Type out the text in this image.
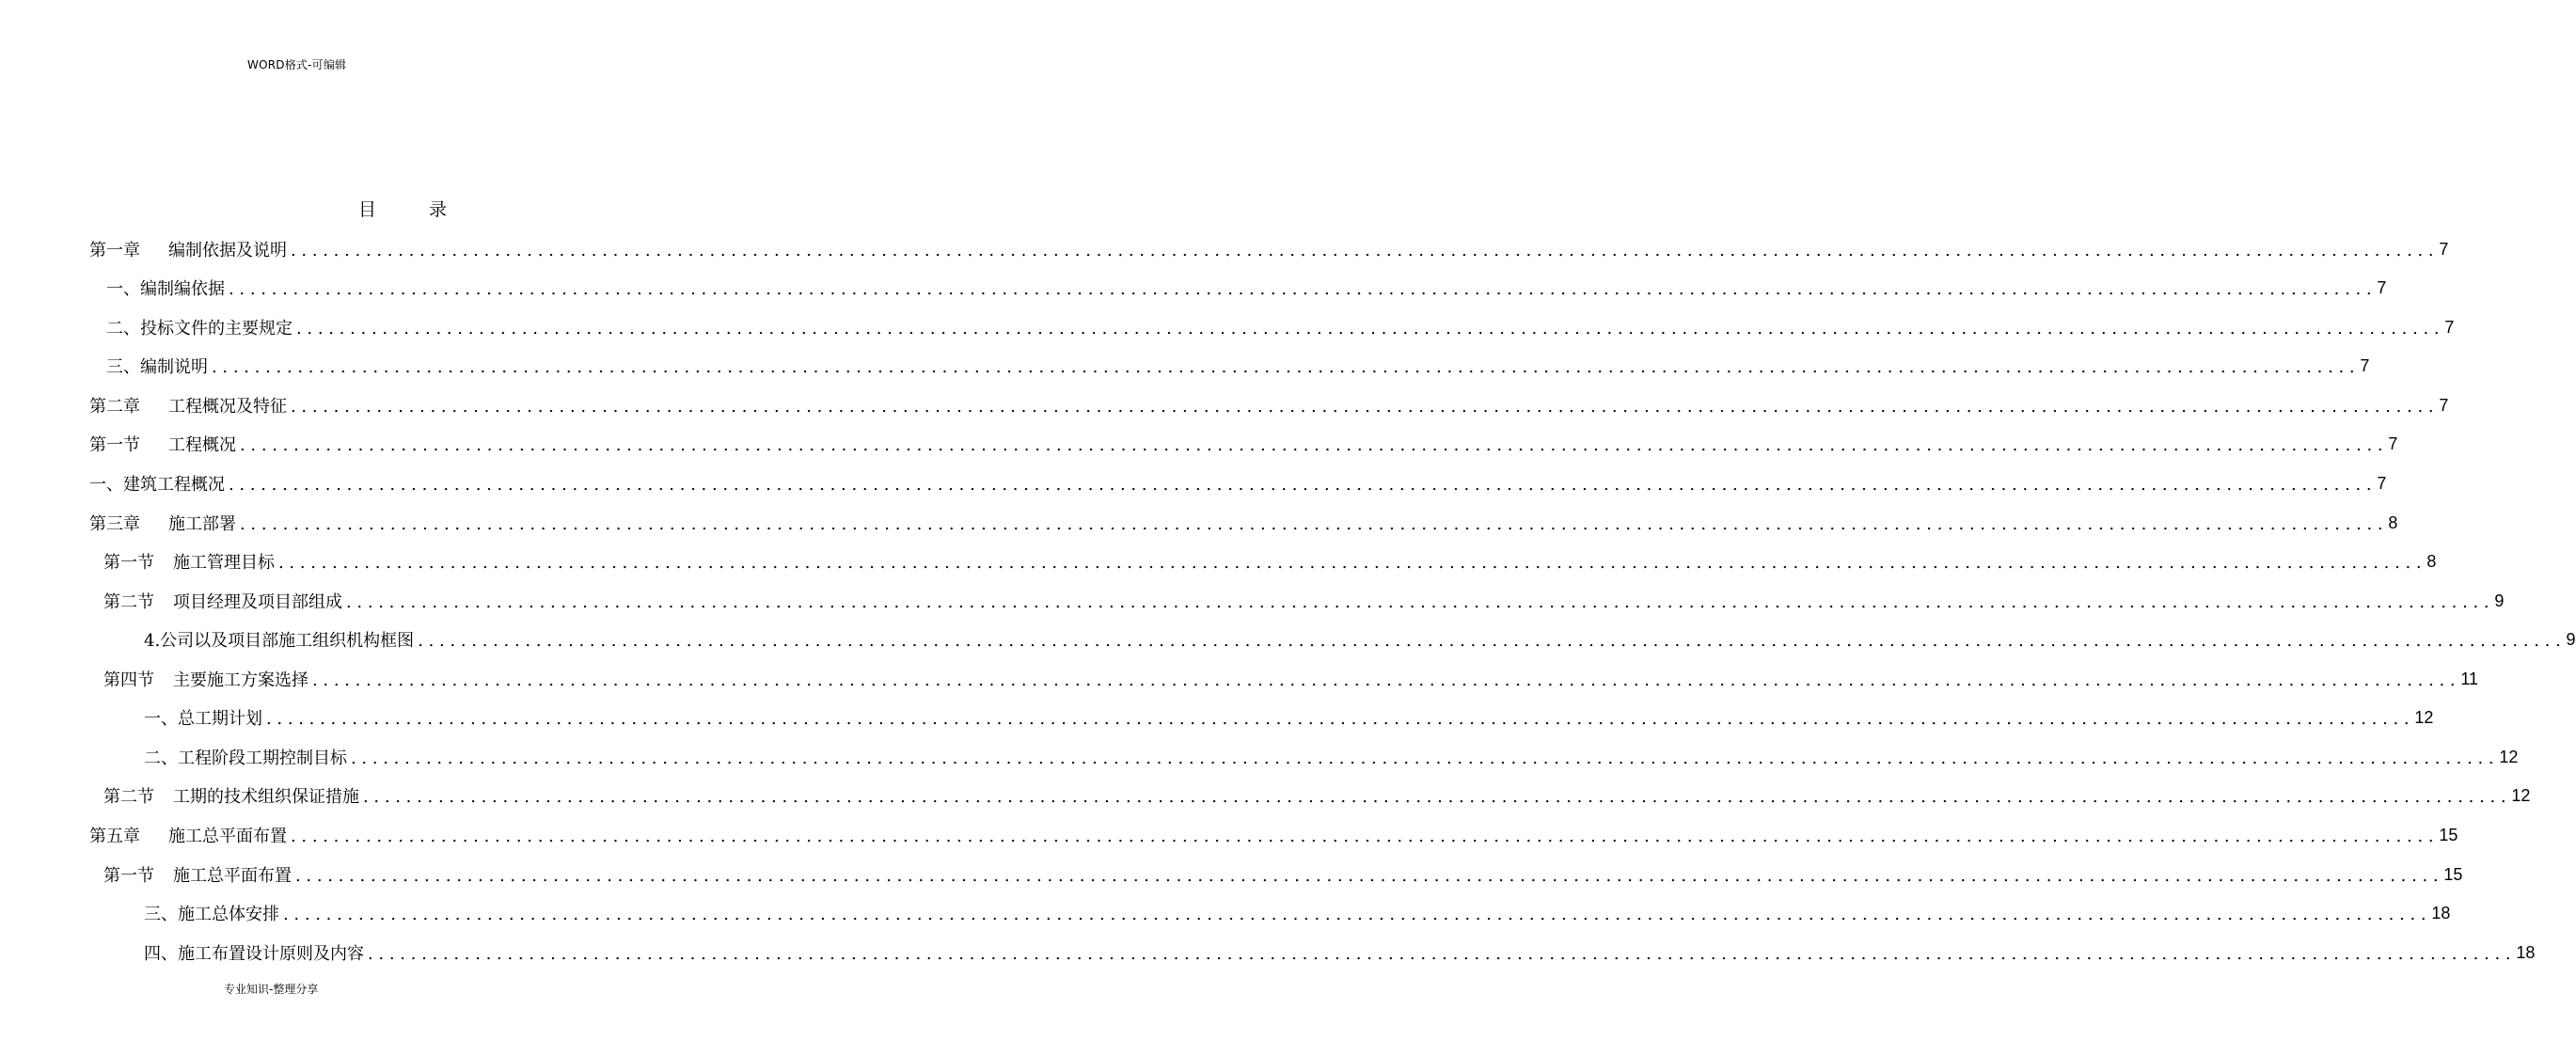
WORD格式-可编辑
目	录
第一章 编制依据及说明 ........................................................................................................................................................................................................ 7
一、编制编依据 ........................................................................................................................................................................................................ 7
二、投标文件的主要规定 ........................................................................................................................................................................................................ 7
三、编制说明 ........................................................................................................................................................................................................ 7
第二章 工程概况及特征 ........................................................................................................................................................................................................ 7
第一节 工程概况 ........................................................................................................................................................................................................ 7
一、建筑工程概况 ........................................................................................................................................................................................................ 7
第三章 施工部署 ........................................................................................................................................................................................................ 8
第一节 施工管理目标 ........................................................................................................................................................................................................ 8
第二节 项目经理及项目部组成 ........................................................................................................................................................................................................ 9
4.公司以及项目部施工组织机构框图 ........................................................................................................................................................................................................ 9
第四节 主要施工方案选择 ........................................................................................................................................................................................................ 11
一、总工期计划 ........................................................................................................................................................................................................ 12
二、工程阶段工期控制目标 ........................................................................................................................................................................................................ 12
第二节 工期的技术组织保证措施 ........................................................................................................................................................................................................ 12
第五章 施工总平面布置 ........................................................................................................................................................................................................ 15
第一节 施工总平面布置 ........................................................................................................................................................................................................ 15
三、施工总体安排 ........................................................................................................................................................................................................ 18
四、施工布置设计原则及内容 ........................................................................................................................................................................................................ 18
专业知识-整理分享
